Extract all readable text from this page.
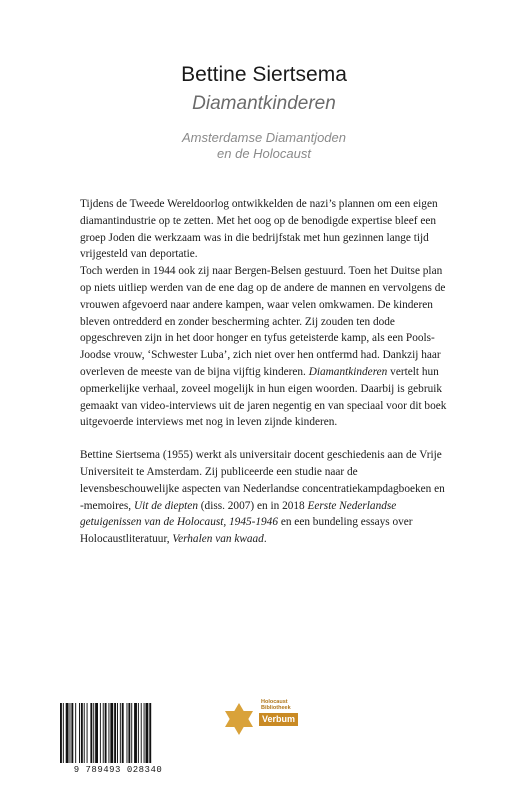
Bettine Siertsema

Diamantkinderen

Amsterdamse Diamantjoden
en de Holocaust

Tijdens de Tweede Wereldoorlog ontwikkelden de nazi’s plannen om een eigen diamantindustrie op te zetten. Met het oog op de benodigde expertise bleef een groep Joden die werkzaam was in die bedrijfstak met hun gezinnen lange tijd vrijgesteld van deportatie.

Toch werden in 1944 ook zij naar Bergen-Belsen gestuurd. Toen het Duitse plan op niets uitliep werden van de ene dag op de andere de mannen en vervolgens de vrouwen afgevoerd naar andere kampen, waar velen omkwamen. De kinderen bleven ontredderd en zonder bescherming achter. Zij zouden ten dode opgeschreven zijn in het door honger en tyfus geteisterde kamp, als een Pools-Joodse vrouw, ‘Schwester Luba’, zich niet over hen ontfermd had. Dankzij haar overleven de meeste van de bijna vijftig kinderen. Diamantkinderen vertelt hun opmerkelijke verhaal, zoveel mogelijk in hun eigen woorden. Daarbij is gebruik gemaakt van video-interviews uit de jaren negentig en van speciaal voor dit boek uitgevoerde interviews met nog in leven zijnde kinderen.

Bettine Siertsema (1955) werkt als universitair docent geschiedenis aan de Vrije Universiteit te Amsterdam. Zij publiceerde een studie naar de levensbeschouwelijke aspecten van Nederlandse concentratiekampdagboeken en -memoires, Uit de diepten (diss. 2007) en in 2018 Eerste Nederlandse getuigenissen van de Holocaust, 1945-1946 en een bundeling essays over Holocaustliteratuur, Verhalen van kwaad.

9 789493 028340
Holocaust
Bibliotheek
Verbum
